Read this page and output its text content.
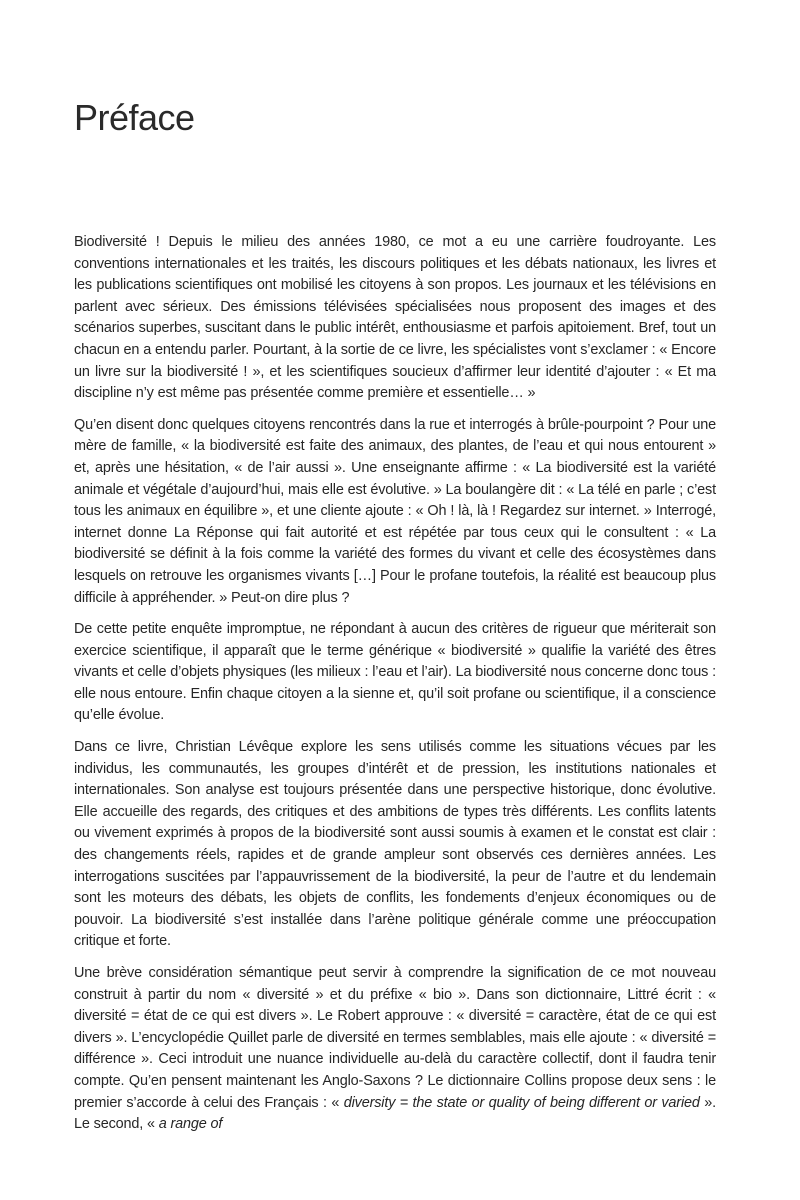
Préface

Biodiversité ! Depuis le milieu des années 1980, ce mot a eu une carrière foudroyante. Les conventions internationales et les traités, les discours politiques et les débats nationaux, les livres et les publications scientifiques ont mobilisé les citoyens à son propos. Les journaux et les télévisions en parlent avec sérieux. Des émissions télévisées spécialisées nous proposent des images et des scénarios superbes, suscitant dans le public intérêt, enthousiasme et parfois apitoiement. Bref, tout un chacun en a entendu parler. Pourtant, à la sortie de ce livre, les spécialistes vont s’exclamer : « Encore un livre sur la biodiversité ! », et les scientifiques soucieux d’affirmer leur identité d’ajouter : « Et ma discipline n’y est même pas présentée comme première et essentielle… »

Qu’en disent donc quelques citoyens rencontrés dans la rue et interrogés à brûle-pourpoint ? Pour une mère de famille, « la biodiversité est faite des animaux, des plantes, de l’eau et qui nous entourent » et, après une hésitation, « de l’air aussi ». Une enseignante affirme : « La biodiversité est la variété animale et végétale d’aujourd’hui, mais elle est évolutive. » La boulangère dit : « La télé en parle ; c’est tous les animaux en équilibre », et une cliente ajoute : « Oh ! là, là ! Regardez sur internet. » Interrogé, internet donne La Réponse qui fait autorité et est répétée par tous ceux qui le consultent : « La biodiversité se définit à la fois comme la variété des formes du vivant et celle des écosystèmes dans lesquels on retrouve les organismes vivants […] Pour le profane toutefois, la réalité est beaucoup plus difficile à appréhender. » Peut-on dire plus ?

De cette petite enquête impromptue, ne répondant à aucun des critères de rigueur que mériterait son exercice scientifique, il apparaît que le terme générique « biodiversité » qualifie la variété des êtres vivants et celle d’objets physiques (les milieux : l’eau et l’air). La biodiversité nous concerne donc tous : elle nous entoure. Enfin chaque citoyen a la sienne et, qu’il soit profane ou scientifique, il a conscience qu’elle évolue.

Dans ce livre, Christian Lévêque explore les sens utilisés comme les situations vécues par les individus, les communautés, les groupes d’intérêt et de pression, les institutions nationales et internationales. Son analyse est toujours présentée dans une perspective historique, donc évolutive. Elle accueille des regards, des critiques et des ambitions de types très différents. Les conflits latents ou vivement exprimés à propos de la biodiversité sont aussi soumis à examen et le constat est clair : des changements réels, rapides et de grande ampleur sont observés ces dernières années. Les interrogations suscitées par l’appauvrissement de la biodiversité, la peur de l’autre et du lendemain sont les moteurs des débats, les objets de conflits, les fondements d’enjeux économiques ou de pouvoir. La biodiversité s’est installée dans l’arène politique générale comme une préoccupation critique et forte.

Une brève considération sémantique peut servir à comprendre la signification de ce mot nouveau construit à partir du nom « diversité » et du préfixe « bio ». Dans son dictionnaire, Littré écrit : « diversité = état de ce qui est divers ». Le Robert approuve : « diversité = caractère, état de ce qui est divers ». L’encyclopédie Quillet parle de diversité en termes semblables, mais elle ajoute : « diversité = différence ». Ceci introduit une nuance individuelle au-delà du caractère collectif, dont il faudra tenir compte. Qu’en pensent maintenant les Anglo-Saxons ? Le dictionnaire Collins propose deux sens : le premier s’accorde à celui des Français : « diversity = the state or quality of being different or varied ». Le second, « a range of
